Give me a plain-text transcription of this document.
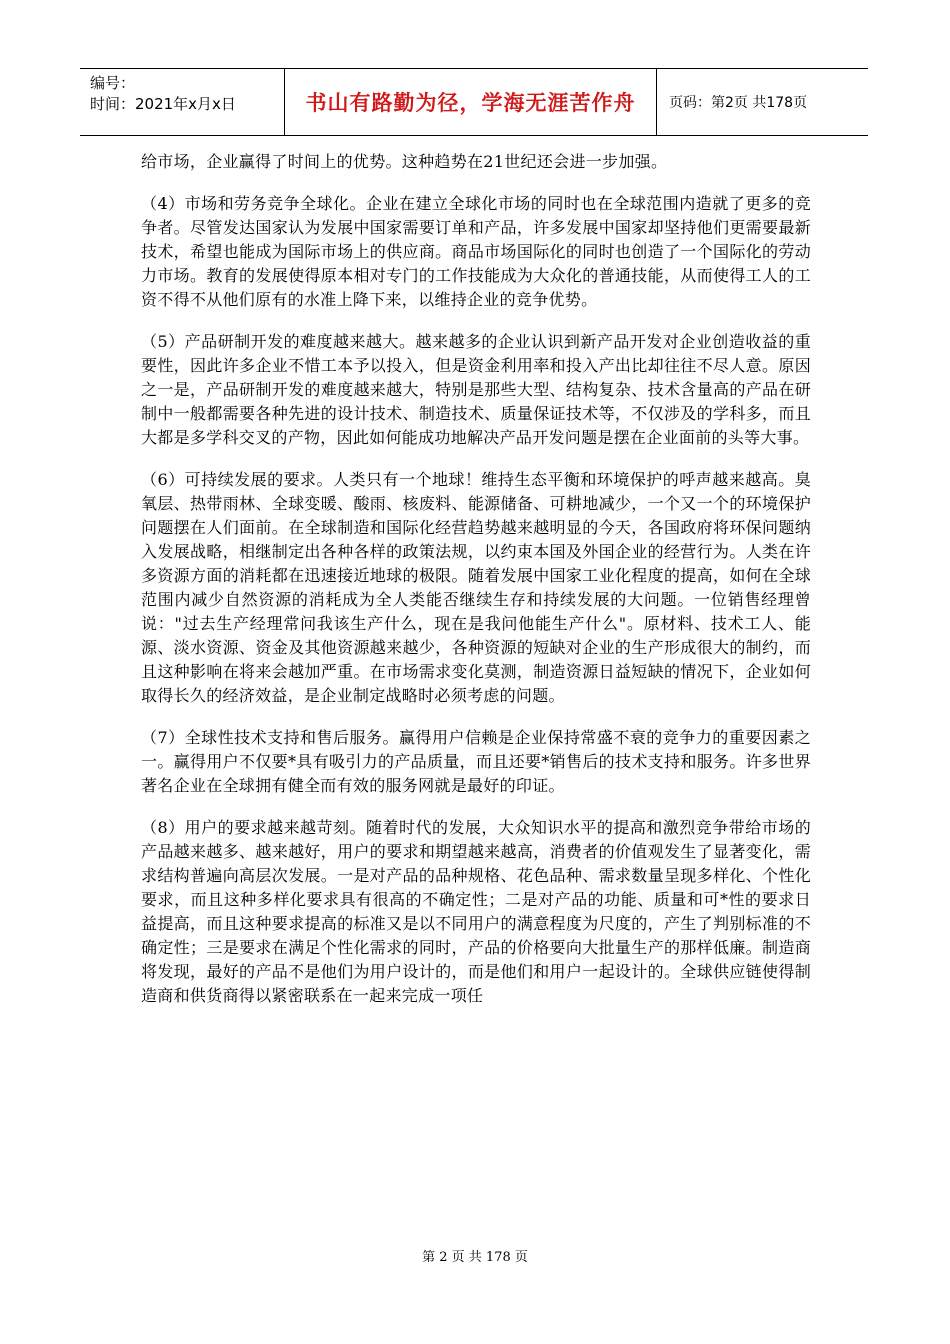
编号：
时间：2021年x月x日	书山有路勤为径，学海无涯苦作舟	页码：第2页 共178页

给市场，企业赢得了时间上的优势。这种趋势在21世纪还会进一步加强。

（4）市场和劳务竞争全球化。企业在建立全球化市场的同时也在全球范围内造就了更多的竞争者。尽管发达国家认为发展中国家需要订单和产品，许多发展中国家却坚持他们更需要最新技术，希望也能成为国际市场上的供应商。商品市场国际化的同时也创造了一个国际化的劳动力市场。教育的发展使得原本相对专门的工作技能成为大众化的普通技能，从而使得工人的工资不得不从他们原有的水准上降下来，以维持企业的竞争优势。

（5）产品研制开发的难度越来越大。越来越多的企业认识到新产品开发对企业创造收益的重要性，因此许多企业不惜工本予以投入，但是资金利用率和投入产出比却往往不尽人意。原因之一是，产品研制开发的难度越来越大，特别是那些大型、结构复杂、技术含量高的产品在研制中一般都需要各种先进的设计技术、制造技术、质量保证技术等，不仅涉及的学科多，而且大都是多学科交叉的产物，因此如何能成功地解决产品开发问题是摆在企业面前的头等大事。

（6）可持续发展的要求。人类只有一个地球！维持生态平衡和环境保护的呼声越来越高。臭氧层、热带雨林、全球变暖、酸雨、核废料、能源储备、可耕地减少，一个又一个的环境保护问题摆在人们面前。在全球制造和国际化经营趋势越来越明显的今天，各国政府将环保问题纳入发展战略，相继制定出各种各样的政策法规，以约束本国及外国企业的经营行为。人类在许多资源方面的消耗都在迅速接近地球的极限。随着发展中国家工业化程度的提高，如何在全球范围内减少自然资源的消耗成为全人类能否继续生存和持续发展的大问题。一位销售经理曾说："过去生产经理常问我该生产什么，现在是我问他能生产什么"。原材料、技术工人、能源、淡水资源、资金及其他资源越来越少，各种资源的短缺对企业的生产形成很大的制约，而且这种影响在将来会越加严重。在市场需求变化莫测，制造资源日益短缺的情况下，企业如何取得长久的经济效益，是企业制定战略时必须考虑的问题。

（7）全球性技术支持和售后服务。赢得用户信赖是企业保持常盛不衰的竞争力的重要因素之一。赢得用户不仅要*具有吸引力的产品质量，而且还要*销售后的技术支持和服务。许多世界著名企业在全球拥有健全而有效的服务网就是最好的印证。

（8）用户的要求越来越苛刻。随着时代的发展，大众知识水平的提高和激烈竞争带给市场的产品越来越多、越来越好，用户的要求和期望越来越高，消费者的价值观发生了显著变化，需求结构普遍向高层次发展。一是对产品的品种规格、花色品种、需求数量呈现多样化、个性化要求，而且这种多样化要求具有很高的不确定性；二是对产品的功能、质量和可*性的要求日益提高，而且这种要求提高的标准又是以不同用户的满意程度为尺度的，产生了判别标准的不确定性；三是要求在满足个性化需求的同时，产品的价格要向大批量生产的那样低廉。制造商将发现，最好的产品不是他们为用户设计的，而是他们和用户一起设计的。全球供应链使得制造商和供货商得以紧密联系在一起来完成一项任

第 2 页 共 178 页
